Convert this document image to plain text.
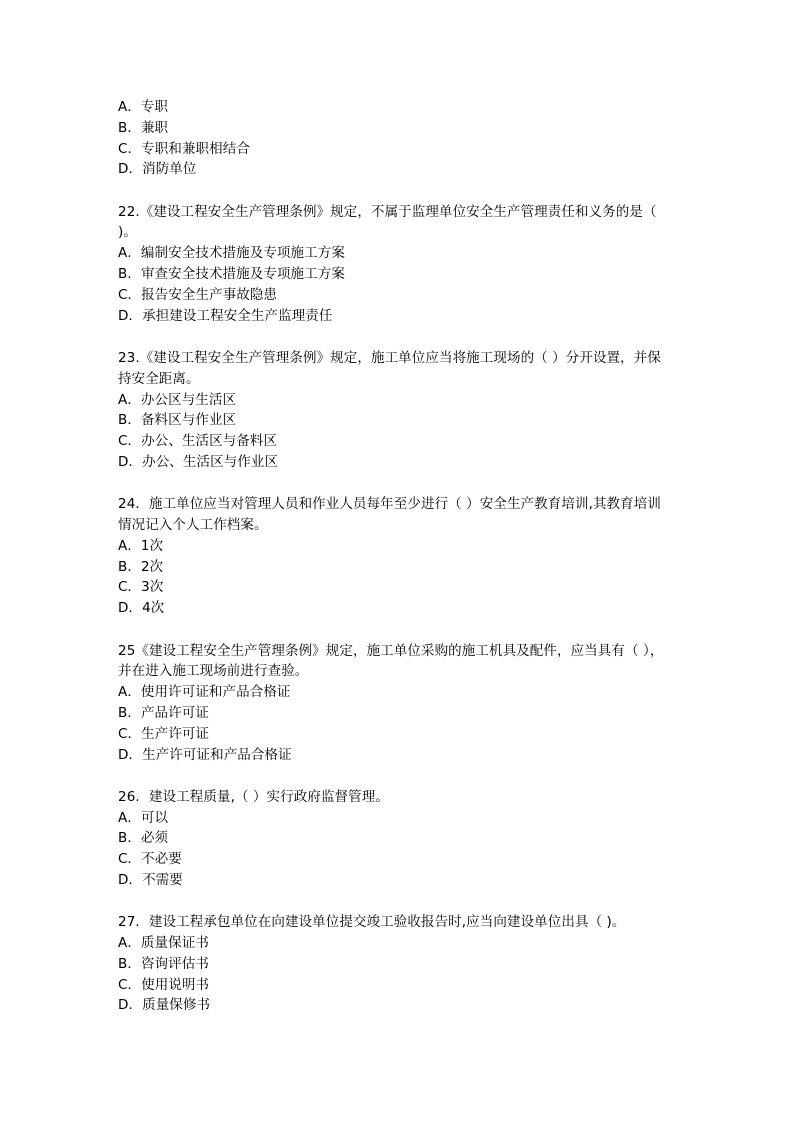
A．专职
B．兼职
C．专职和兼职相结合
D．消防单位
22.《建设工程安全生产管理条例》规定，不属于监理单位安全生产管理责任和义务的是（ )。
A．编制安全技术措施及专项施工方案
B．审查安全技术措施及专项施工方案
C．报告安全生产事故隐患
D．承担建设工程安全生产监理责任
23.《建设工程安全生产管理条例》规定，施工单位应当将施工现场的（ ）分开设置，并保持安全距离。
A．办公区与生活区
B．备料区与作业区
C．办公、生活区与备料区
D．办公、生活区与作业区
24．施工单位应当对管理人员和作业人员每年至少进行（ ）安全生产教育培训,其教育培训情况记入个人工作档案。
A．1次
B．2次
C．3次
D．4次
25《建设工程安全生产管理条例》规定，施工单位采购的施工机具及配件，应当具有（ ），并在进入施工现场前进行查验。
A．使用许可证和产品合格证
B．产品许可证
C．生产许可证
D．生产许可证和产品合格证
26．建设工程质量,（ ）实行政府监督管理。
A．可以
B．必须
C．不必要
D．不需要
27．建设工程承包单位在向建设单位提交竣工验收报告时,应当向建设单位出具（ )。
A．质量保证书
B．咨询评估书
C．使用说明书
D．质量保修书
